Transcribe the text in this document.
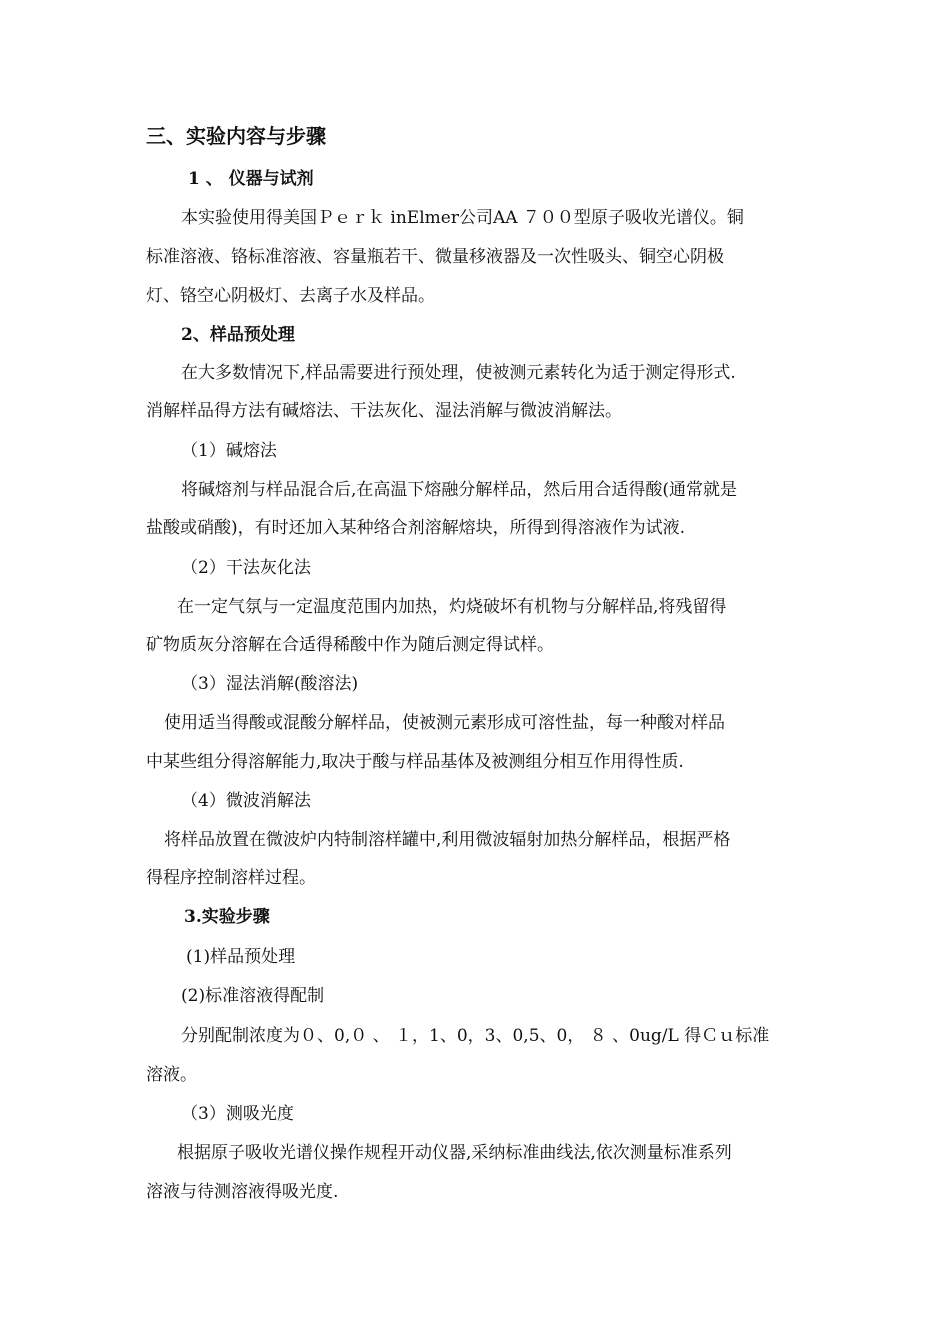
三、实验内容与步骤
1 、 仪器与试剂
本实验使用得美国Ｐｅｒｋ inElmer公司AA ７００型原子吸收光谱仪。铜
标准溶液、铬标准溶液、容量瓶若干、微量移液器及一次性吸头、铜空心阴极
灯、铬空心阴极灯、去离子水及样品。
2、样品预处理
在大多数情况下,样品需要进行预处理，使被测元素转化为适于测定得形式.
消解样品得方法有碱熔法、干法灰化、湿法消解与微波消解法。
（1）碱熔法
将碱熔剂与样品混合后,在高温下熔融分解样品，然后用合适得酸(通常就是
盐酸或硝酸)，有时还加入某种络合剂溶解熔块，所得到得溶液作为试液.
（2）干法灰化法
在一定气氛与一定温度范围内加热，灼烧破坏有机物与分解样品,将残留得
矿物质灰分溶解在合适得稀酸中作为随后测定得试样。
（3）湿法消解(酸溶法)
使用适当得酸或混酸分解样品，使被测元素形成可溶性盐，每一种酸对样品
中某些组分得溶解能力,取决于酸与样品基体及被测组分相互作用得性质.
（4）微波消解法
将样品放置在微波炉内特制溶样罐中,利用微波辐射加热分解样品，根据严格
得程序控制溶样过程。
3.实验步骤
(1)样品预处理
(2)标准溶液得配制
分别配制浓度为０、0,０ 、 １，1、0，3、0,5、0， ８ 、0ug/L 得Ｃｕ标准
溶液。
（3）测吸光度
根据原子吸收光谱仪操作规程开动仪器,采纳标准曲线法,依次测量标准系列
溶液与待测溶液得吸光度.
